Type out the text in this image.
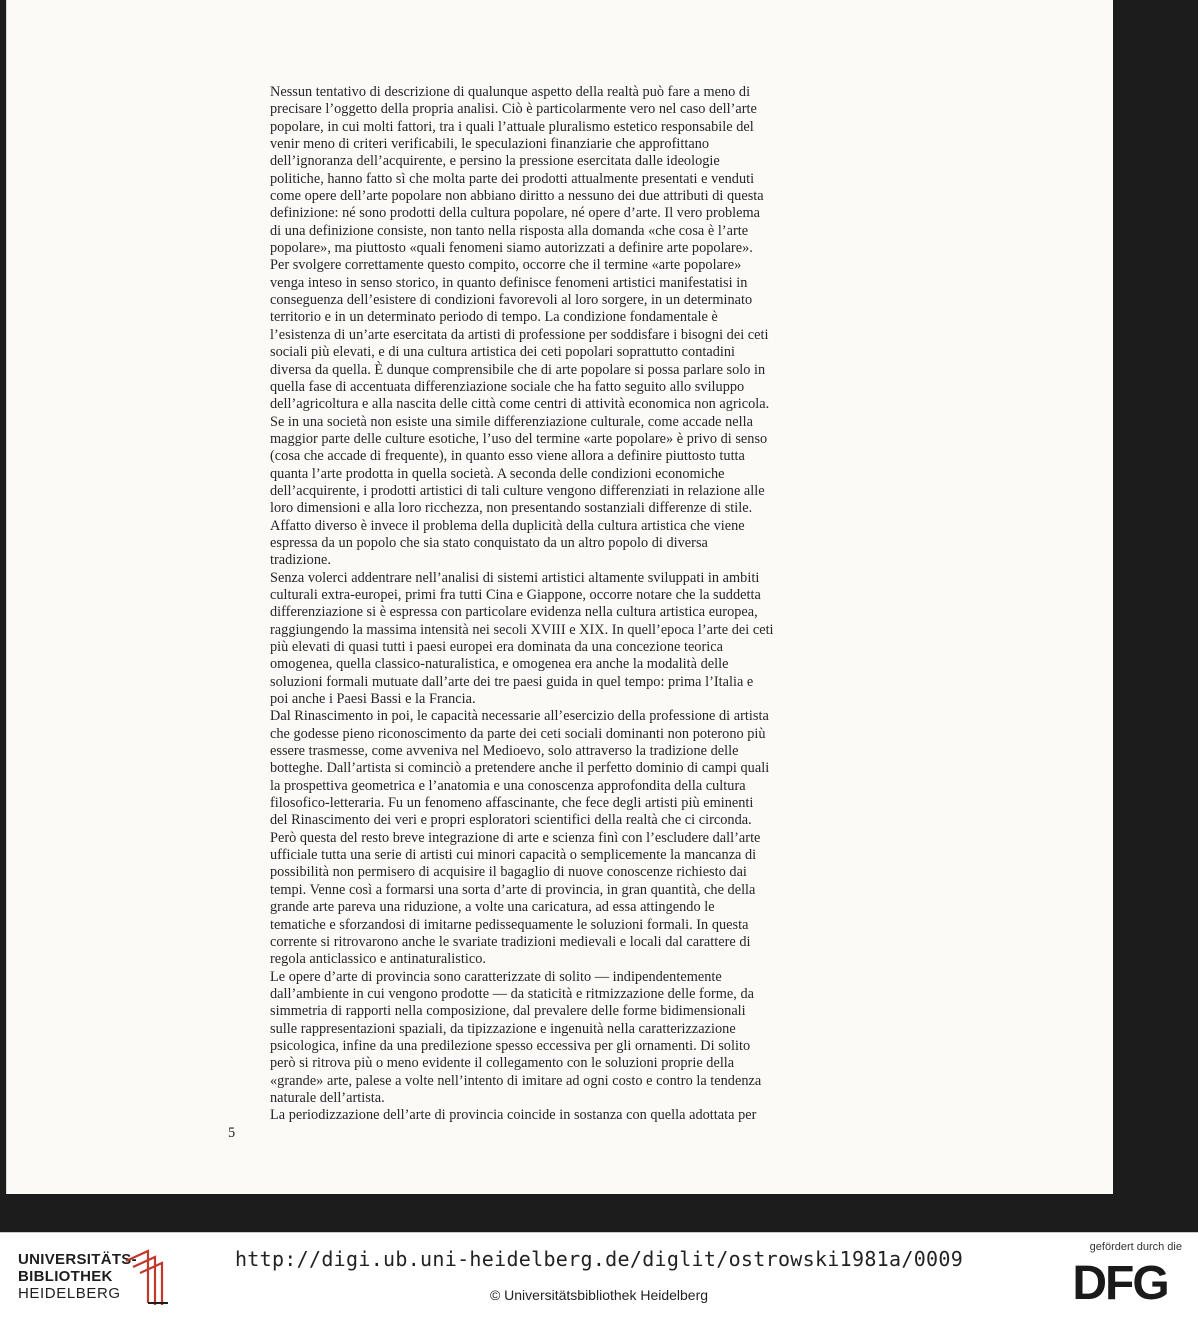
Nessun tentativo di descrizione di qualunque aspetto della realtà può fare a meno di
precisare l’oggetto della propria analisi. Ciò è particolarmente vero nel caso dell’arte
popolare, in cui molti fattori, tra i quali l’attuale pluralismo estetico responsabile del
venir meno di criteri verificabili, le speculazioni finanziarie che approfittano
dell’ignoranza dell’acquirente, e persino la pressione esercitata dalle ideologie
politiche, hanno fatto sì che molta parte dei prodotti attualmente presentati e venduti
come opere dell’arte popolare non abbiano diritto a nessuno dei due attributi di questa
definizione: né sono prodotti della cultura popolare, né opere d’arte. Il vero problema
di una definizione consiste, non tanto nella risposta alla domanda «che cosa è l’arte
popolare», ma piuttosto «quali fenomeni siamo autorizzati a definire arte popolare».
Per svolgere correttamente questo compito, occorre che il termine «arte popolare»
venga inteso in senso storico, in quanto definisce fenomeni artistici manifestatisi in
conseguenza dell’esistere di condizioni favorevoli al loro sorgere, in un determinato
territorio e in un determinato periodo di tempo. La condizione fondamentale è
l’esistenza di un’arte esercitata da artisti di professione per soddisfare i bisogni dei ceti
sociali più elevati, e di una cultura artistica dei ceti popolari soprattutto contadini
diversa da quella. È dunque comprensibile che di arte popolare si possa parlare solo in
quella fase di accentuata differenziazione sociale che ha fatto seguito allo sviluppo
dell’agricoltura e alla nascita delle città come centri di attività economica non agricola.
Se in una società non esiste una simile differenziazione culturale, come accade nella
maggior parte delle culture esotiche, l’uso del termine «arte popolare» è privo di senso
(cosa che accade di frequente), in quanto esso viene allora a definire piuttosto tutta
quanta l’arte prodotta in quella società. A seconda delle condizioni economiche
dell’acquirente, i prodotti artistici di tali culture vengono differenziati in relazione alle
loro dimensioni e alla loro ricchezza, non presentando sostanziali differenze di stile.
Affatto diverso è invece il problema della duplicità della cultura artistica che viene
espressa da un popolo che sia stato conquistato da un altro popolo di diversa
tradizione.
Senza volerci addentrare nell’analisi di sistemi artistici altamente sviluppati in ambiti
culturali extra-europei, primi fra tutti Cina e Giappone, occorre notare che la suddetta
differenziazione si è espressa con particolare evidenza nella cultura artistica europea,
raggiungendo la massima intensità nei secoli XVIII e XIX. In quell’epoca l’arte dei ceti
più elevati di quasi tutti i paesi europei era dominata da una concezione teorica
omogenea, quella classico-naturalistica, e omogenea era anche la modalità delle
soluzioni formali mutuate dall’arte dei tre paesi guida in quel tempo: prima l’Italia e
poi anche i Paesi Bassi e la Francia.
Dal Rinascimento in poi, le capacità necessarie all’esercizio della professione di artista
che godesse pieno riconoscimento da parte dei ceti sociali dominanti non poterono più
essere trasmesse, come avveniva nel Medioevo, solo attraverso la tradizione delle
botteghe. Dall’artista si cominciò a pretendere anche il perfetto dominio di campi quali
la prospettiva geometrica e l’anatomia e una conoscenza approfondita della cultura
filosofico-letteraria. Fu un fenomeno affascinante, che fece degli artisti più eminenti
del Rinascimento dei veri e propri esploratori scientifici della realtà che ci circonda.
Però questa del resto breve integrazione di arte e scienza finì con l’escludere dall’arte
ufficiale tutta una serie di artisti cui minori capacità o semplicemente la mancanza di
possibilità non permisero di acquisire il bagaglio di nuove conoscenze richiesto dai
tempi. Venne così a formarsi una sorta d’arte di provincia, in gran quantità, che della
grande arte pareva una riduzione, a volte una caricatura, ad essa attingendo le
tematiche e sforzandosi di imitarne pedissequamente le soluzioni formali. In questa
corrente si ritrovarono anche le svariate tradizioni medievali e locali dal carattere di
regola anticlassico e antinaturalistico.
Le opere d’arte di provincia sono caratterizzate di solito — indipendentemente
dall’ambiente in cui vengono prodotte — da staticità e ritmizzazione delle forme, da
simmetria di rapporti nella composizione, dal prevalere delle forme bidimensionali
sulle rappresentazioni spaziali, da tipizzazione e ingenuità nella caratterizzazione
psicologica, infine da una predilezione spesso eccessiva per gli ornamenti. Di solito
però si ritrova più o meno evidente il collegamento con le soluzioni proprie della
«grande» arte, palese a volte nell’intento di imitare ad ogni costo e contro la tendenza
naturale dell’artista.
La periodizzazione dell’arte di provincia coincide in sostanza con quella adottata per
5
UNIVERSITÄTS-
BIBLIOTHEK
HEIDELBERG
http://digi.ub.uni-heidelberg.de/diglit/ostrowski1981a/0009
© Universitätsbibliothek Heidelberg
gefördert durch die
DFG
